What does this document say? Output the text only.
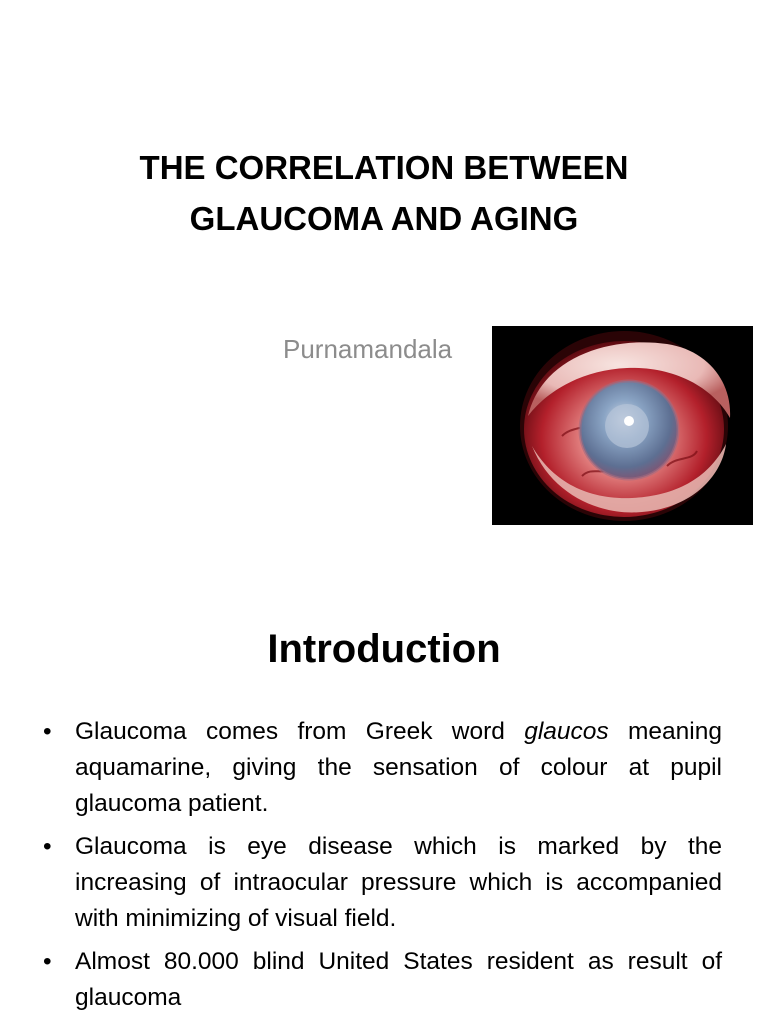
THE CORRELATION BETWEEN
GLAUCOMA AND AGING
Purnamandala
Introduction
• Glaucoma comes from Greek word glaucos meaning aquamarine, giving the sensation of colour at pupil glaucoma patient.
• Glaucoma is eye disease which is marked by the increasing of intraocular pressure which is accompanied with minimizing of visual field.
• Almost 80.000 blind United States resident as result of glaucoma
